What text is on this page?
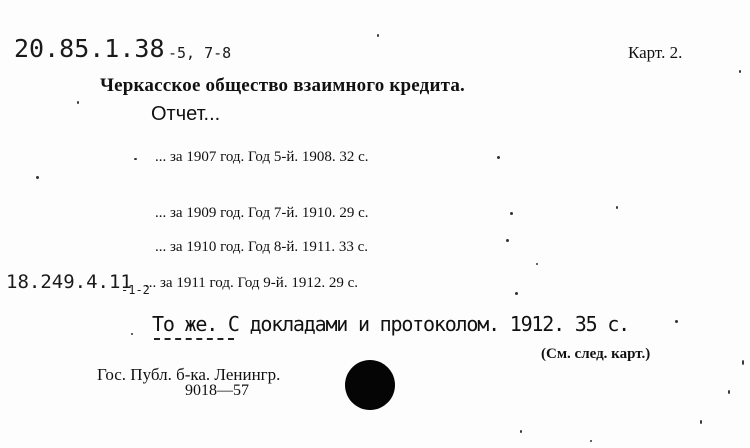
20.85.1.38 -5, 7-8	Карт. 2.
Черкасское общество взаимного кредита.
Отчет...
... за 1907 год. Год 5-й. 1908. 32 с.
... за 1909 год. Год 7-й. 1910. 29 с.
... за 1910 год. Год 8-й. 1911. 33 с.
... за 1911 год. Год 9-й. 1912. 29 с.
18.249.4.11
-1-2
То же. С докладами и протоколом. 1912. 35 с.
(См. след. карт.)
Гос. Публ. б-ка. Ленингр.
9018—57
